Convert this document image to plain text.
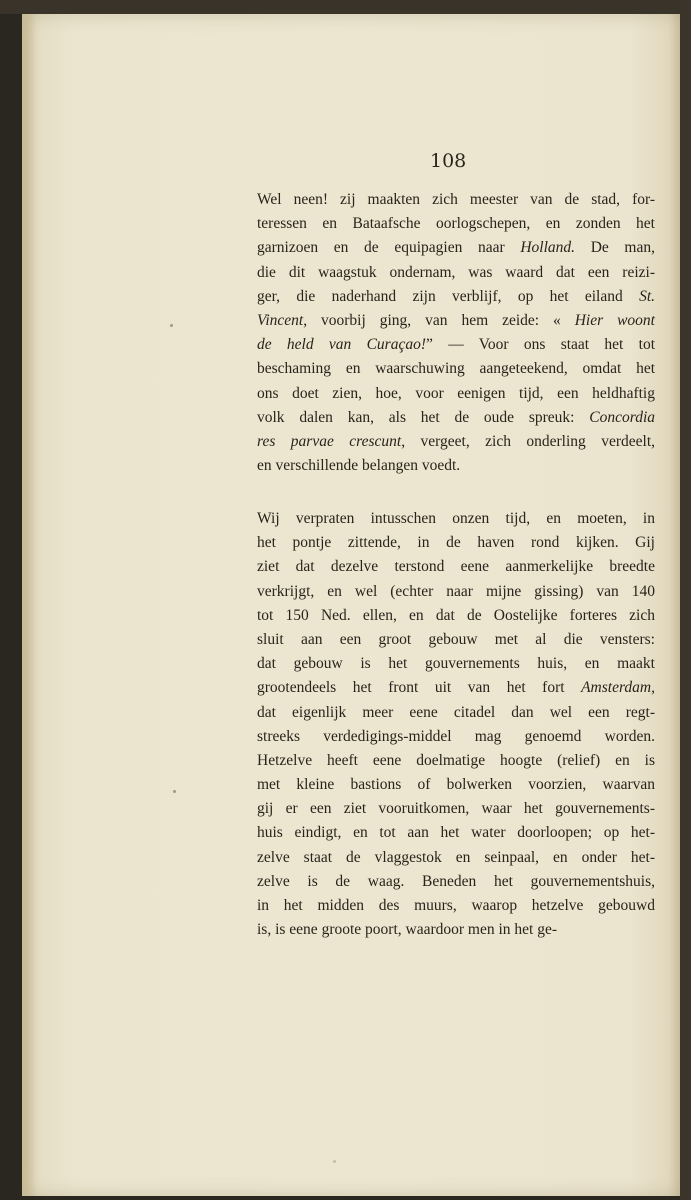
108
Wel neen! zij maakten zich meester van de stad, for-
teressen en Bataafsche oorlogschepen, en zonden het
garnizoen en de equipagien naar Holland. De man,
die dit waagstuk ondernam, was waard dat een reizi-
ger, die naderhand zijn verblijf, op het eiland St.
Vincent, voorbij ging, van hem zeide: « Hier woont
de held van Curaçao!” — Voor ons staat het tot
beschaming en waarschuwing aangeteekend, omdat het
ons doet zien, hoe, voor eenigen tijd, een heldhaftig
volk dalen kan, als het de oude spreuk: Concordia
res parvae crescunt, vergeet, zich onderling verdeelt,
en verschillende belangen voedt.
Wij verpraten intusschen onzen tijd, en moeten, in
het pontje zittende, in de haven rond kijken. Gij
ziet dat dezelve terstond eene aanmerkelijke breedte
verkrijgt, en wel (echter naar mijne gissing) van 140
tot 150 Ned. ellen, en dat de Oostelijke forteres zich
sluit aan een groot gebouw met al die vensters:
dat gebouw is het gouvernements huis, en maakt
grootendeels het front uit van het fort Amsterdam,
dat eigenlijk meer eene citadel dan wel een regt-
streeks verdedigings-middel mag genoemd worden.
Hetzelve heeft eene doelmatige hoogte (relief) en is
met kleine bastions of bolwerken voorzien, waarvan
gij er een ziet vooruitkomen, waar het gouvernements-
huis eindigt, en tot aan het water doorloopen; op het-
zelve staat de vlaggestok en seinpaal, en onder het-
zelve is de waag. Beneden het gouvernementshuis,
in het midden des muurs, waarop hetzelve gebouwd
is, is eene groote poort, waardoor men in het ge-
